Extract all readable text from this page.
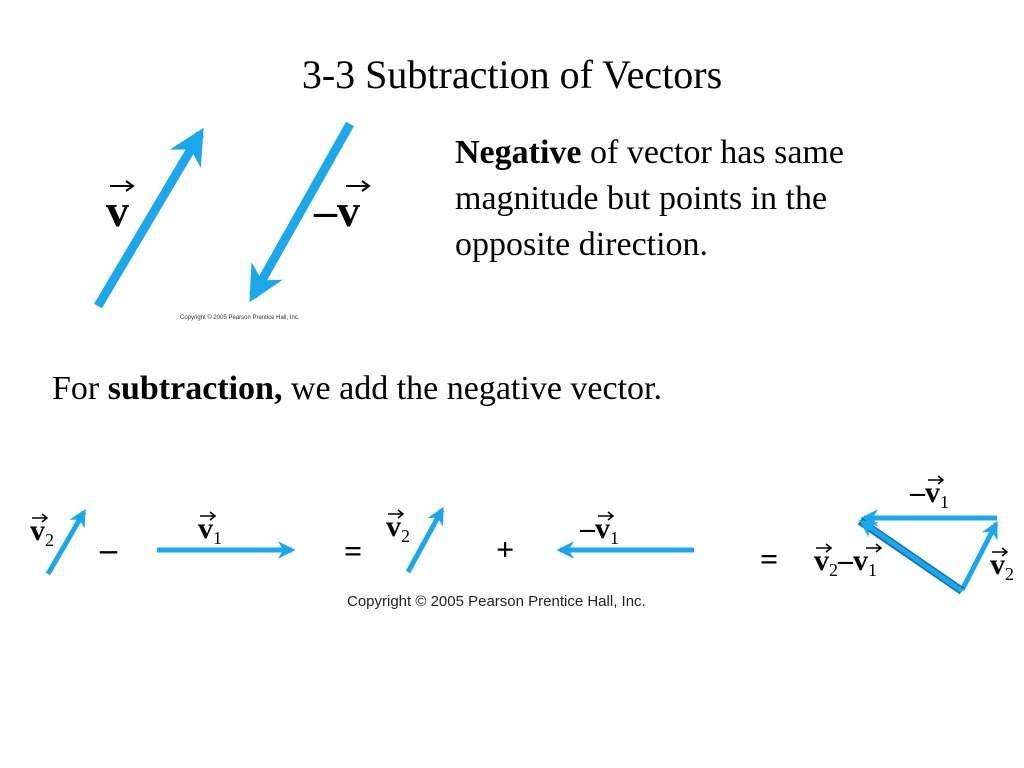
3-3 Subtraction of Vectors
Negative of vector has same magnitude but points in the opposite direction.
For subtraction, we add the negative vector.
v	–v
$v_2$ –
$v_1$	=
$v_2$	+
$-v_1$
= $v_2-v_1$
$-v_1$
$v_2$
Copyright © 2005 Pearson Prentice Hall, Inc.
Copyright © 2005 Pearson Prentice Hall, Inc.
